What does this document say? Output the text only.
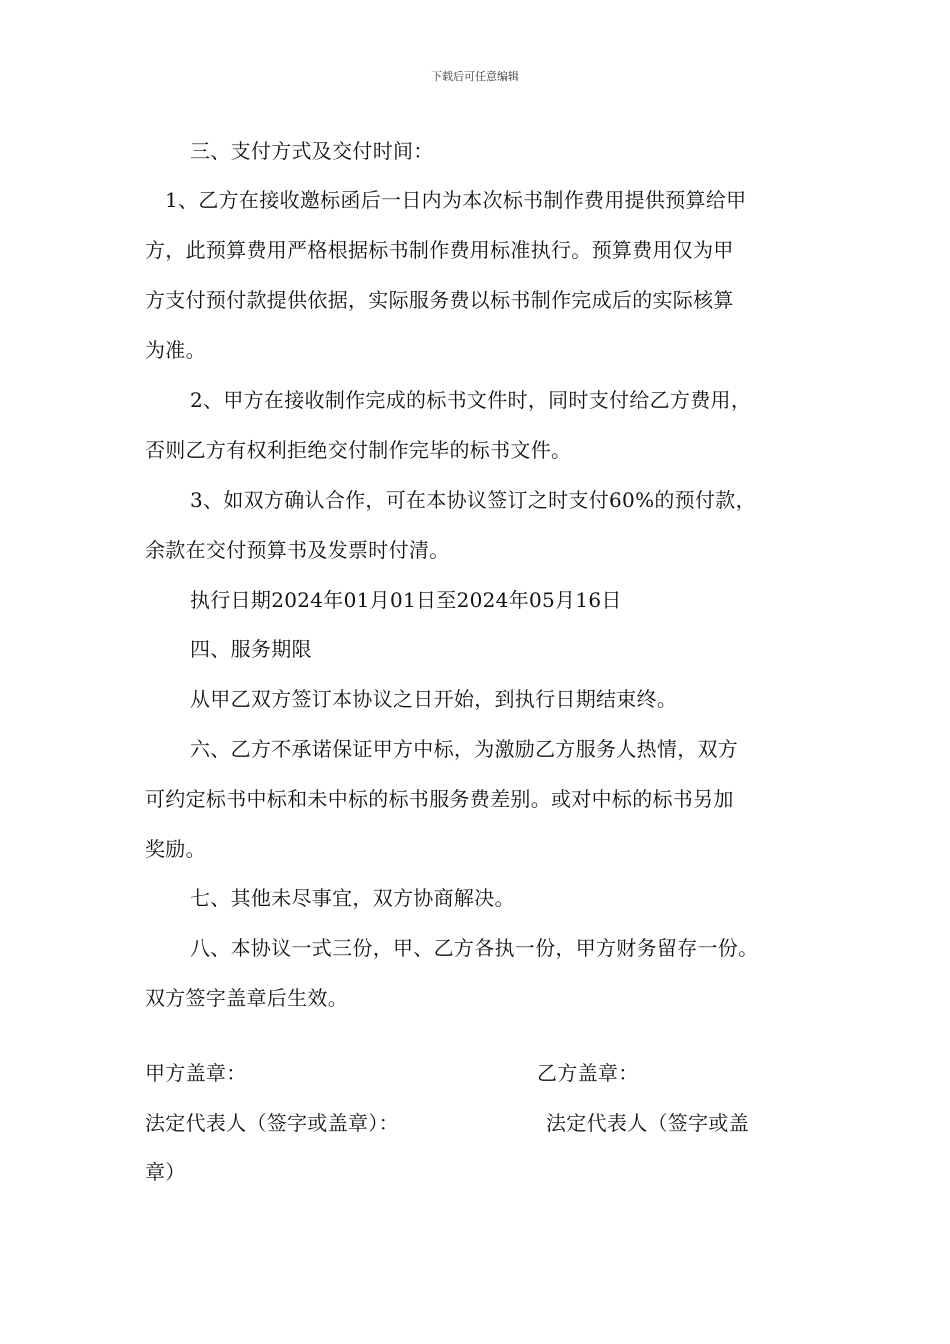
下载后可任意编辑
三、支付方式及交付时间：
1、乙方在接收邀标函后一日内为本次标书制作费用提供预算给甲
方，此预算费用严格根据标书制作费用标准执行。预算费用仅为甲
方支付预付款提供依据，实际服务费以标书制作完成后的实际核算
为准。
2、甲方在接收制作完成的标书文件时，同时支付给乙方费用，
否则乙方有权利拒绝交付制作完毕的标书文件。
3、如双方确认合作，可在本协议签订之时支付60%的预付款，
余款在交付预算书及发票时付清。
执行日期2024年01月01日至2024年05月16日
四、服务期限
从甲乙双方签订本协议之日开始，到执行日期结束终。
六、乙方不承诺保证甲方中标，为激励乙方服务人热情，双方
可约定标书中标和未中标的标书服务费差别。或对中标的标书另加
奖励。
七、其他未尽事宜，双方协商解决。
八、本协议一式三份，甲、乙方各执一份，甲方财务留存一份。
双方签字盖章后生效。
甲方盖章：	乙方盖章：
法定代表人（签字或盖章）：	法定代表人（签字或盖
章）
